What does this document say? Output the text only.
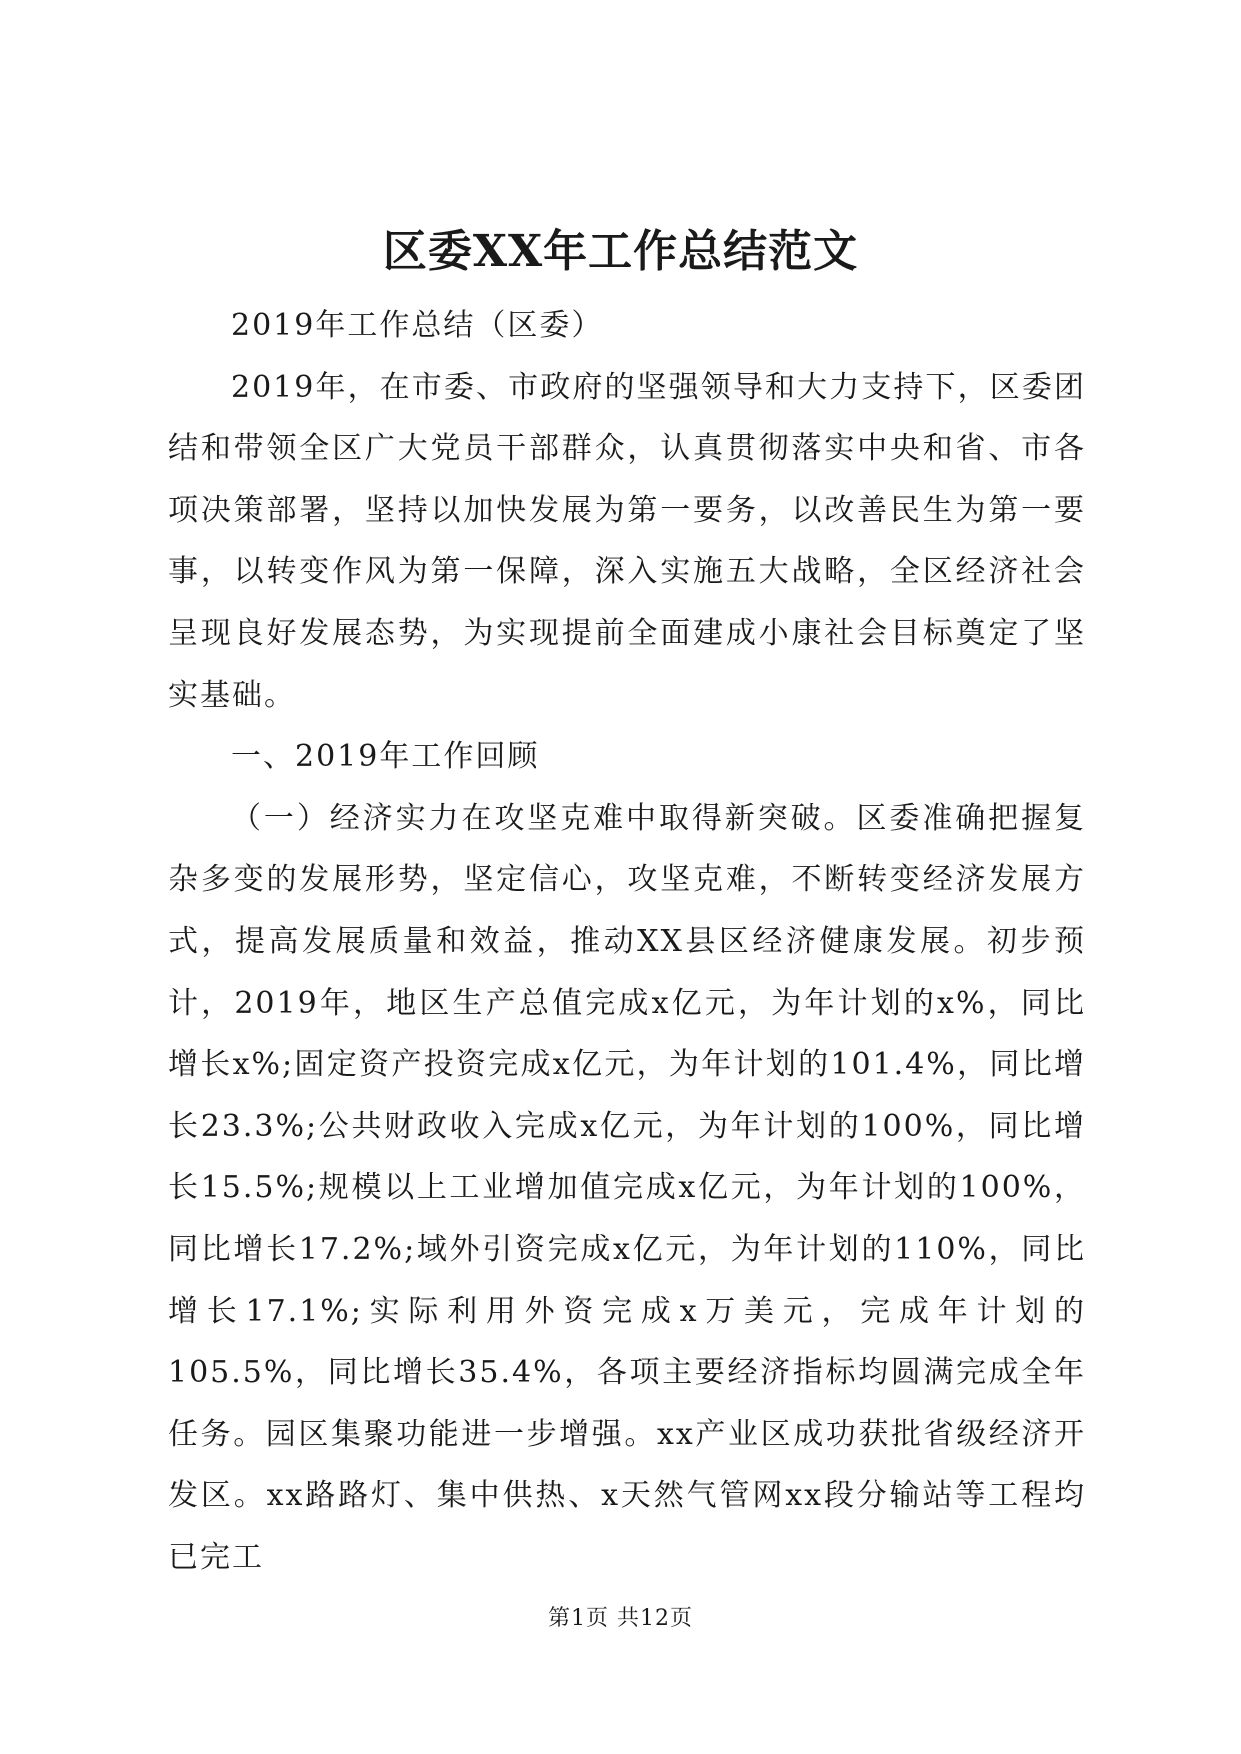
区委XX年工作总结范文

2019年工作总结（区委）

2019年，在市委、市政府的坚强领导和大力支持下，区委团结和带领全区广大党员干部群众，认真贯彻落实中央和省、市各项决策部署，坚持以加快发展为第一要务，以改善民生为第一要事，以转变作风为第一保障，深入实施五大战略，全区经济社会呈现良好发展态势，为实现提前全面建成小康社会目标奠定了坚实基础。

一、2019年工作回顾

（一）经济实力在攻坚克难中取得新突破。区委准确把握复杂多变的发展形势，坚定信心，攻坚克难，不断转变经济发展方式，提高发展质量和效益，推动XX县区经济健康发展。初步预计，2019年，地区生产总值完成x亿元，为年计划的x%，同比增长x%;固定资产投资完成x亿元，为年计划的101.4%，同比增长23.3%;公共财政收入完成x亿元，为年计划的100%，同比增长15.5%;规模以上工业增加值完成x亿元，为年计划的100%，同比增长17.2%;域外引资完成x亿元，为年计划的110%，同比增长17.1%;实际利用外资完成x万美元，完成年计划的105.5%，同比增长35.4%，各项主要经济指标均圆满完成全年任务。园区集聚功能进一步增强。xx产业区成功获批省级经济开发区。xx路路灯、集中供热、x天然气管网xx段分输站等工程均已完工

第1页 共12页
